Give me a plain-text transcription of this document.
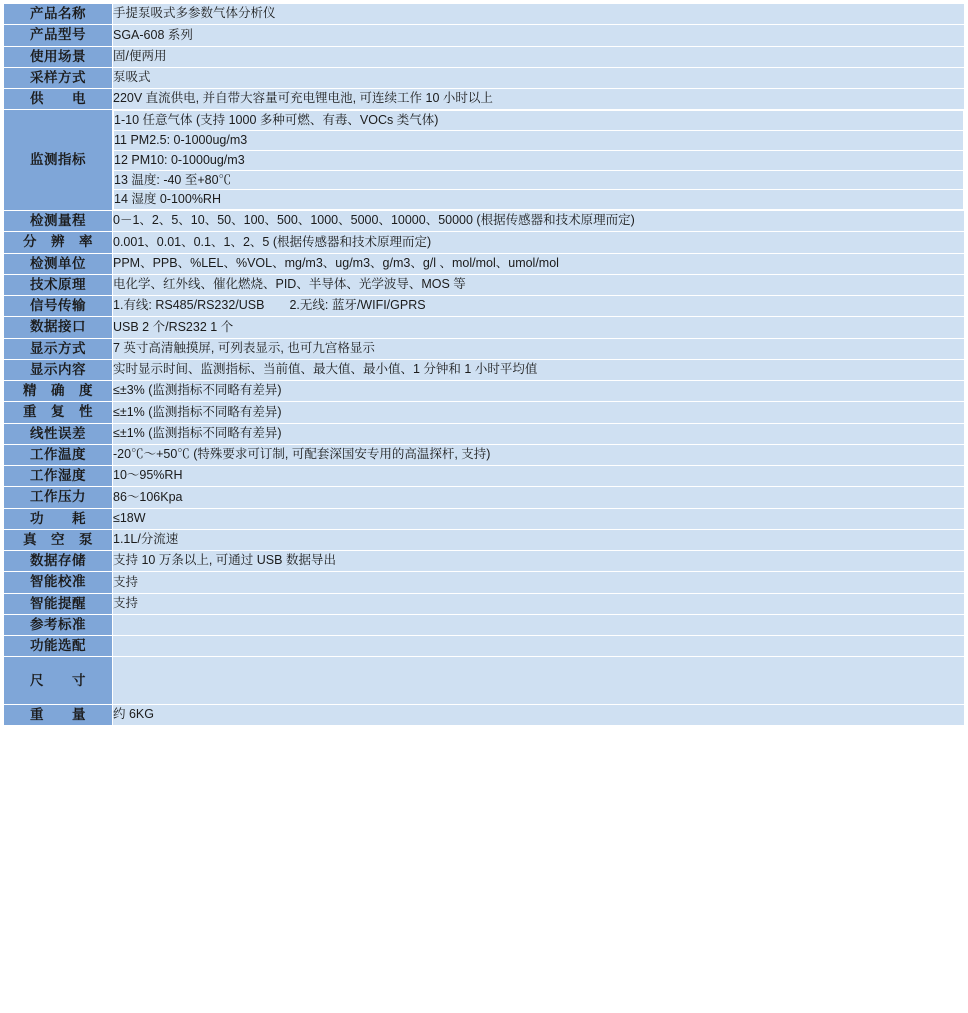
产品名称	手提泵吸式多参数气体分析仪
产品型号	SGA-608 系列
使用场景	固/便两用
采样方式	泵吸式
供　　电	220V 直流供电, 并自带大容量可充电锂电池, 可连续工作 10 小时以上
监测指标	
1-10 任意气体 (支持 1000 多种可燃、有毒、VOCs 类气体)
11 PM2.5: 0-1000ug/m3
12 PM10: 0-1000ug/m3
13 温度: -40 至+80℃
14 湿度 0-100%RH

检测量程	0－1、2、5、10、50、100、500、1000、5000、10000、50000 (根据传感器和技术原理而定)
分　辨　率	0.001、0.01、0.1、1、2、5 (根据传感器和技术原理而定)
检测单位	PPM、PPB、%LEL、%VOL、mg/m3、ug/m3、g/m3、g/l 、mol/mol、umol/mol
技术原理	电化学、红外线、催化燃烧、PID、半导体、光学波导、MOS 等
信号传输	1.有线: RS485/RS232/USB　　2.无线: 蓝牙/WIFI/GPRS
数据接口	USB 2 个/RS232 1 个
显示方式	7 英寸高清触摸屏, 可列表显示, 也可九宫格显示
显示内容	实时显示时间、监测指标、当前值、最大值、最小值、1 分钟和 1 小时平均值
精　确　度	≤±3% (监测指标不同略有差异)
重　复　性	≤±1% (监测指标不同略有差异)
线性误差	≤±1% (监测指标不同略有差异)
工作温度	-20℃～+50℃ (特殊要求可订制, 可配套深国安专用的高温探杆, 支持)
工作湿度	10～95%RH
工作压力	86～106Kpa
功　　耗	≤18W
真　空　泵	1.1L/分流速
数据存储	支持 10 万条以上, 可通过 USB 数据导出
智能校准	支持
智能提醒	支持
参考标准	
功能选配	

尺　　寸	

重　　量	约 6KG
